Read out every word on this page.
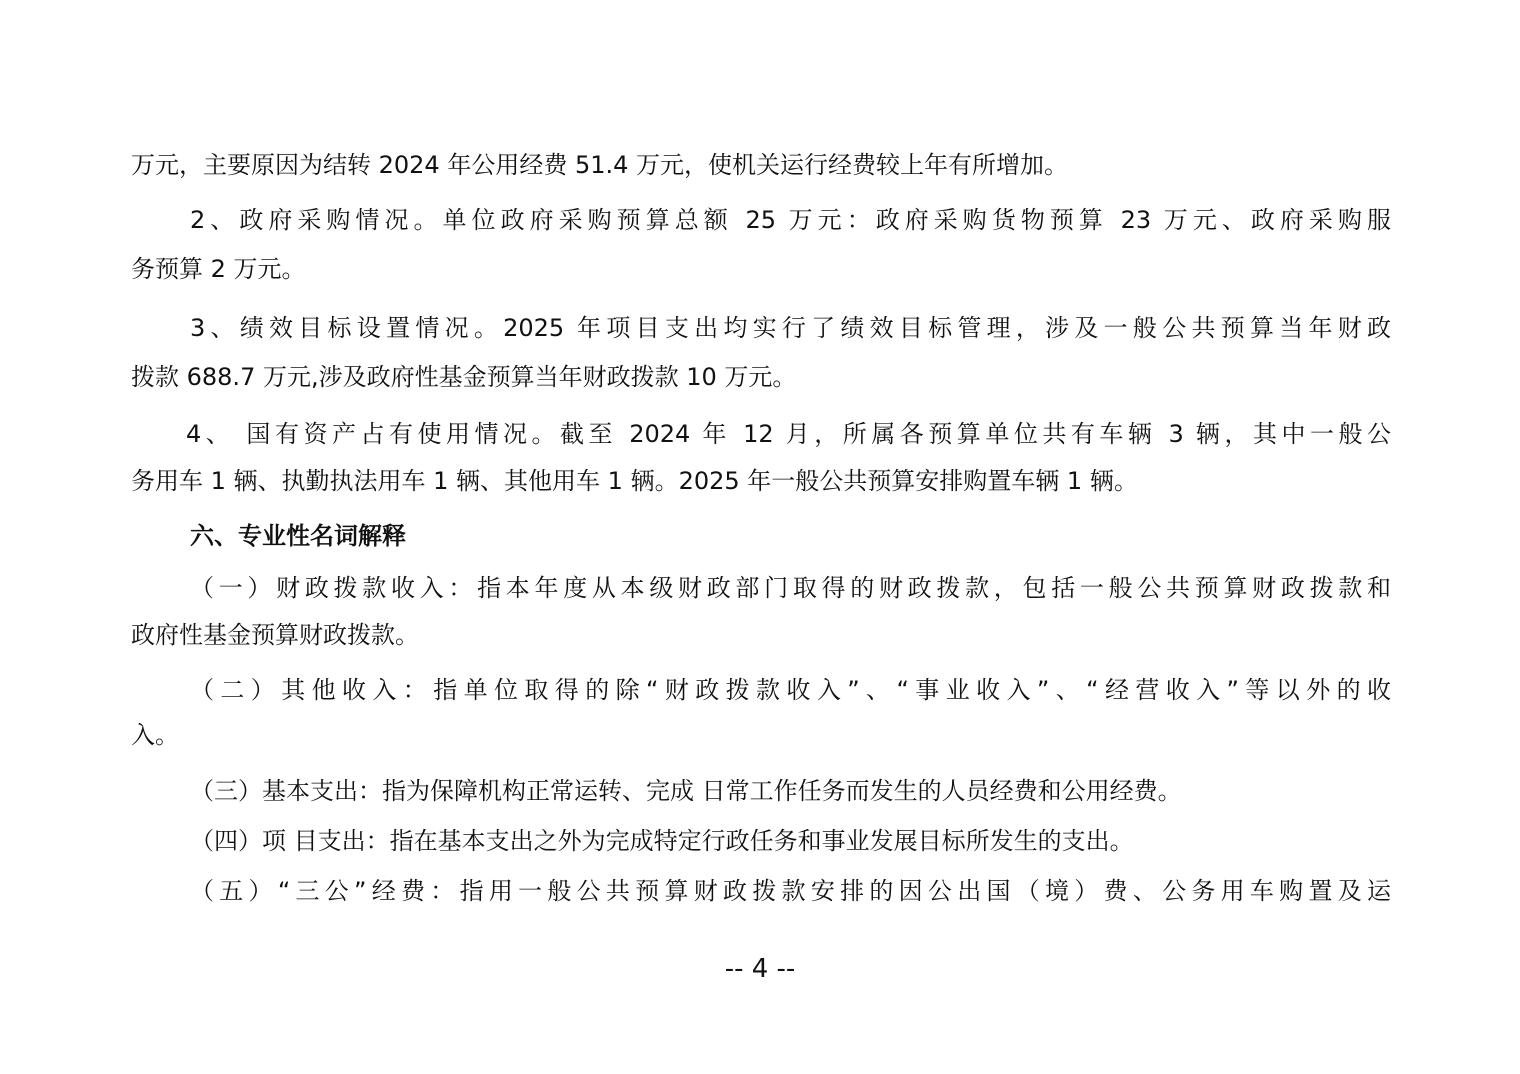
万元，主要原因为结转 2024 年公用经费 51.4 万元，使机关运行经费较上年有所增加。
2、政府采购情况。单位政府采购预算总额 25 万元：政府采购货物预算 23 万元、政府采购服
务预算 2 万元。
3、绩效目标设置情况。2025 年项目支出均实行了绩效目标管理，涉及一般公共预算当年财政
拨款 688.7 万元,涉及政府性基金预算当年财政拨款 10 万元。
4、 国有资产占有使用情况。截至 2024 年 12 月，所属各预算单位共有车辆 3 辆，其中一般公
务用车 1 辆、执勤执法用车 1 辆、其他用车 1 辆。2025 年一般公共预算安排购置车辆 1 辆。
六、专业性名词解释
（一）财政拨款收入：指本年度从本级财政部门取得的财政拨款，包括一般公共预算财政拨款和
政府性基金预算财政拨款。
（二）其他收入：指单位取得的除“财政拨款收入”、“事业收入”、“经营收入”等以外的收
入。
（三）基本支出：指为保障机构正常运转、完成 日常工作任务而发生的人员经费和公用经费。
（四）项 目支出：指在基本支出之外为完成特定行政任务和事业发展目标所发生的支出。
（五）“三公”经费：指用一般公共预算财政拨款安排的因公出国（境）费、公务用车购置及运
-- 4 --
